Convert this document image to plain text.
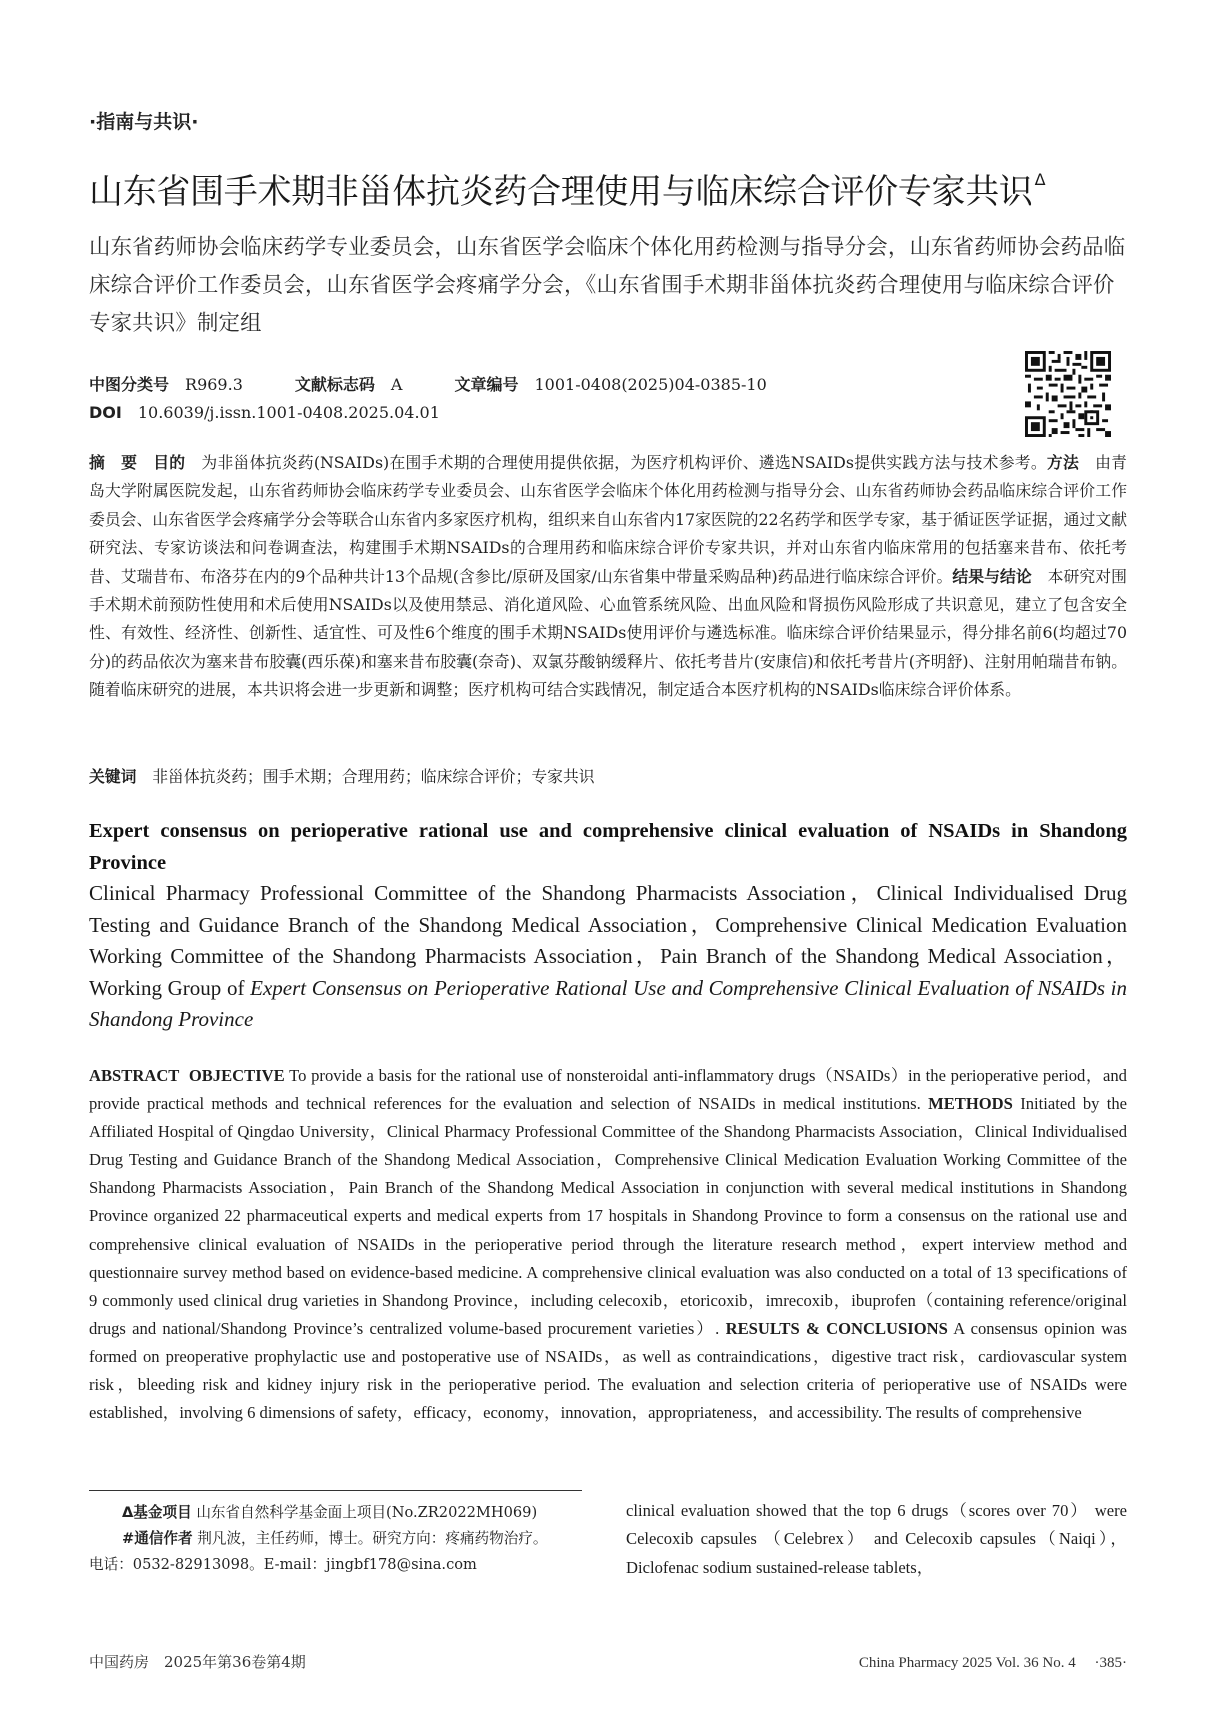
·指南与共识·
山东省围手术期非甾体抗炎药合理使用与临床综合评价专家共识 $^\Delta$
山东省药师协会临床药学专业委员会，山东省医学会临床个体化用药检测与指导分会，山东省药师协会药品临床综合评价工作委员会，山东省医学会疼痛学分会，《山东省围手术期非甾体抗炎药合理使用与临床综合评价专家共识》制定组
中图分类号 R969.3	文献标志码 A	文章编号 1001-0408(2025)04-0385-10
DOI 10.6039/j.issn.1001-0408.2025.04.01
摘　要　 目的　 为非甾体抗炎药(NSAIDs)在围手术期的合理使用提供依据，为医疗机构评价、遴选NSAIDs提供实践方法与技术参考。方法　 由青岛大学附属医院发起，山东省药师协会临床药学专业委员会、山东省医学会临床个体化用药检测与指导分会、山东省药师协会药品临床综合评价工作委员会、山东省医学会疼痛学分会等联合山东省内多家医疗机构，组织来自山东省内17家医院的22名药学和医学专家，基于循证医学证据，通过文献研究法、专家访谈法和问卷调查法，构建围手术期NSAIDs的合理用药和临床综合评价专家共识，并对山东省内临床常用的包括塞来昔布、依托考昔、艾瑞昔布、布洛芬在内的9个品种共计13个品规(含参比/原研及国家/山东省集中带量采购品种)药品进行临床综合评价。结果与结论　 本研究对围手术期术前预防性使用和术后使用NSAIDs以及使用禁忌、消化道风险、心血管系统风险、出血风险和肾损伤风险形成了共识意见，建立了包含安全性、有效性、经济性、创新性、适宜性、可及性6个维度的围手术期NSAIDs使用评价与遴选标准。临床综合评价结果显示，得分排名前6(均超过70分)的药品依次为塞来昔布胶囊(西乐葆)和塞来昔布胶囊(奈奇)、双氯芬酸钠缓释片、依托考昔片(安康信)和依托考昔片(齐明舒)、注射用帕瑞昔布钠。随着临床研究的进展，本共识将会进一步更新和调整；医疗机构可结合实践情况，制定适合本医疗机构的NSAIDs临床综合评价体系。
关键词　 非甾体抗炎药；围手术期；合理用药；临床综合评价；专家共识
Expert consensus on perioperative rational use and comprehensive clinical evaluation of NSAIDs in Shandong Province
Clinical Pharmacy Professional Committee of the Shandong Pharmacists Association，Clinical Individualised Drug Testing and Guidance Branch of the Shandong Medical Association，Comprehensive Clinical Medication Evaluation Working Committee of the Shandong Pharmacists Association，Pain Branch of the Shandong Medical Association，Working Group of Expert Consensus on Perioperative Rational Use and Comprehensive Clinical Evaluation of NSAIDs in Shandong Province
ABSTRACT OBJECTIVE To provide a basis for the rational use of nonsteroidal anti-inflammatory drugs（NSAIDs）in the perioperative period，and provide practical methods and technical references for the evaluation and selection of NSAIDs in medical institutions. METHODS Initiated by the Affiliated Hospital of Qingdao University，Clinical Pharmacy Professional Committee of the Shandong Pharmacists Association，Clinical Individualised Drug Testing and Guidance Branch of the Shandong Medical Association，Comprehensive Clinical Medication Evaluation Working Committee of the Shandong Pharmacists Association，Pain Branch of the Shandong Medical Association in conjunction with several medical institutions in Shandong Province organized 22 pharmaceutical experts and medical experts from 17 hospitals in Shandong Province to form a consensus on the rational use and comprehensive clinical evaluation of NSAIDs in the perioperative period through the literature research method，expert interview method and questionnaire survey method based on evidence-based medicine. A comprehensive clinical evaluation was also conducted on a total of 13 specifications of 9 commonly used clinical drug varieties in Shandong Province，including celecoxib，etoricoxib，imrecoxib，ibuprofen（containing reference/original drugs and national/Shandong Province’s centralized volume-based procurement varieties）. RESULTS & CONCLUSIONS A consensus opinion was formed on preoperative prophylactic use and postoperative use of NSAIDs，as well as contraindications，digestive tract risk，cardiovascular system risk，bleeding risk and kidney injury risk in the perioperative period. The evaluation and selection criteria of perioperative use of NSAIDs were established，involving 6 dimensions of safety，efficacy，economy，innovation，appropriateness，and accessibility. The results of comprehensive
Δ基金项目 山东省自然科学基金面上项目(No.ZR2022MH069)
#通信作者 荆凡波，主任药师，博士。研究方向：疼痛药物治疗。
电话：0532-82913098。E-mail：jingbf178@sina.com
clinical evaluation showed that the top 6 drugs（scores over 70） were Celecoxib capsules （Celebrex） and Celecoxib capsules（Naiqi），Diclofenac sodium sustained-release tablets，
中国药房　2025年第36卷第4期	China Pharmacy 2025 Vol. 36 No. 4　 ·385·
